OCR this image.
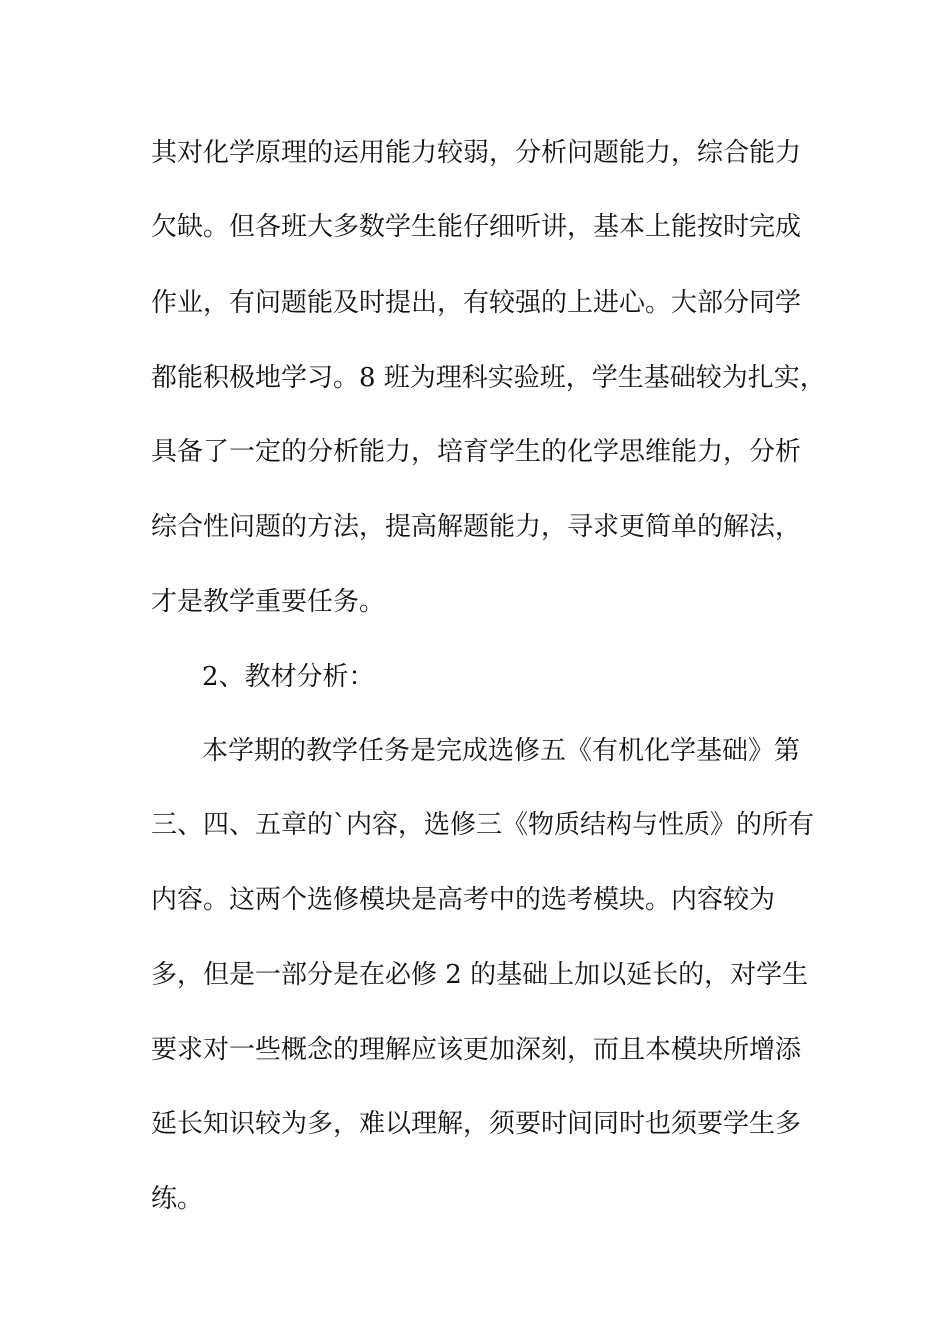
其对化学原理的运用能力较弱，分析问题能力，综合能力
欠缺。但各班大多数学生能仔细听讲，基本上能按时完成
作业，有问题能及时提出，有较强的上进心。大部分同学
都能积极地学习。8 班为理科实验班，学生基础较为扎实，
具备了一定的分析能力，培育学生的化学思维能力，分析
综合性问题的方法，提高解题能力，寻求更简单的解法，
才是教学重要任务。
2、教材分析：
本学期的教学任务是完成选修五《有机化学基础》第
三、四、五章的`内容，选修三《物质结构与性质》的所有
内容。这两个选修模块是高考中的选考模块。内容较为
多，但是一部分是在必修 2 的基础上加以延长的，对学生
要求对一些概念的理解应该更加深刻，而且本模块所增添
延长知识较为多，难以理解，须要时间同时也须要学生多
练。
